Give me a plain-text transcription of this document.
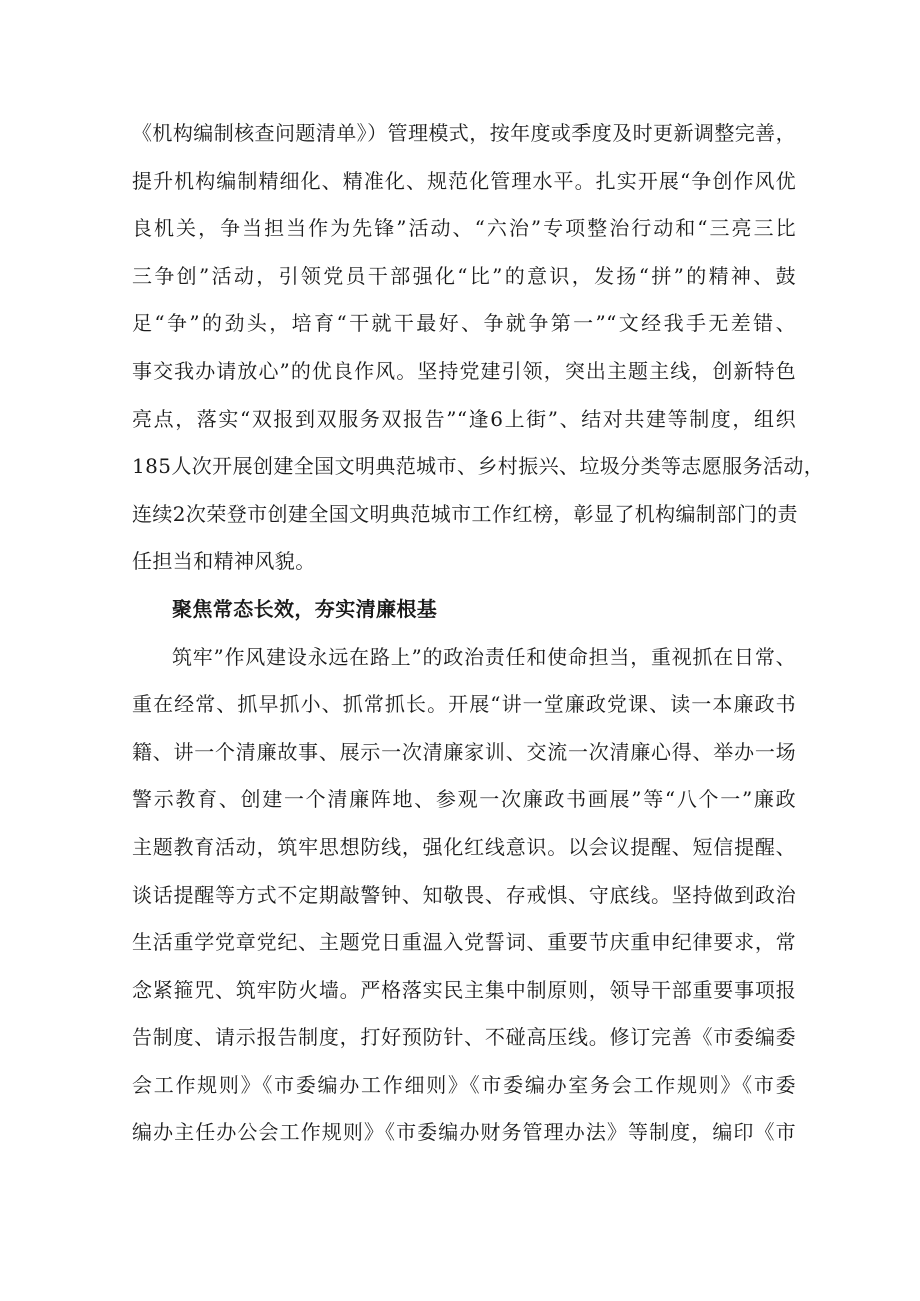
《机构编制核查问题清单》）管理模式，按年度或季度及时更新调整完善，
提升机构编制精细化、精准化、规范化管理水平。扎实开展“争创作风优
良机关，争当担当作为先锋”活动、“六治”专项整治行动和“三亮三比
三争创”活动，引领党员干部强化“比”的意识，发扬“拼”的精神、鼓
足“争”的劲头，培育“干就干最好、争就争第一”“文经我手无差错、
事交我办请放心”的优良作风。坚持党建引领，突出主题主线，创新特色
亮点，落实“双报到双服务双报告”“逢6上街”、结对共建等制度，组织
185人次开展创建全国文明典范城市、乡村振兴、垃圾分类等志愿服务活动，
连续2次荣登市创建全国文明典范城市工作红榜，彰显了机构编制部门的责
任担当和精神风貌。
聚焦常态长效，夯实清廉根基
筑牢”作风建设永远在路上”的政治责任和使命担当，重视抓在日常、
重在经常、抓早抓小、抓常抓长。开展“讲一堂廉政党课、读一本廉政书
籍、讲一个清廉故事、展示一次清廉家训、交流一次清廉心得、举办一场
警示教育、创建一个清廉阵地、参观一次廉政书画展”等“八个一”廉政
主题教育活动，筑牢思想防线，强化红线意识。以会议提醒、短信提醒、
谈话提醒等方式不定期敲警钟、知敬畏、存戒惧、守底线。坚持做到政治
生活重学党章党纪、主题党日重温入党誓词、重要节庆重申纪律要求，常
念紧箍咒、筑牢防火墙。严格落实民主集中制原则，领导干部重要事项报
告制度、请示报告制度，打好预防针、不碰高压线。修订完善《市委编委
会工作规则》《市委编办工作细则》《市委编办室务会工作规则》《市委
编办主任办公会工作规则》《市委编办财务管理办法》等制度，编印《市
